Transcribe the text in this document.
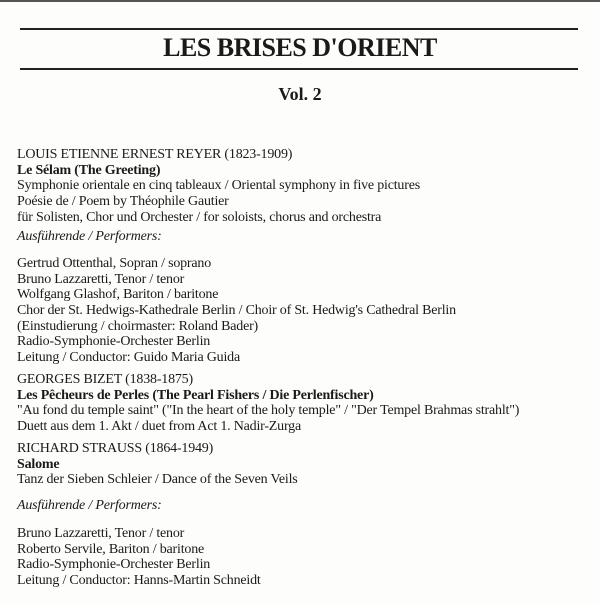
LES BRISES D'ORIENT
Vol. 2
LOUIS ETIENNE ERNEST REYER (1823-1909)
Le Sélam (The Greeting)
Symphonie orientale en cinq tableaux / Oriental symphony in five pictures
Poésie de / Poem by Théophile Gautier
für Solisten, Chor und Orchester / for soloists, chorus and orchestra
Ausführende / Performers:
Gertrud Ottenthal, Sopran / soprano
Bruno Lazzaretti, Tenor / tenor
Wolfgang Glashof, Bariton / baritone
Chor der St. Hedwigs-Kathedrale Berlin / Choir of St. Hedwig's Cathedral Berlin
(Einstudierung / choirmaster: Roland Bader)
Radio-Symphonie-Orchester Berlin
Leitung / Conductor: Guido Maria Guida
GEORGES BIZET (1838-1875)
Les Pêcheurs de Perles (The Pearl Fishers / Die Perlenfischer)
"Au fond du temple saint" ("In the heart of the holy temple" / "Der Tempel Brahmas strahlt")
Duett aus dem 1. Akt / duet from Act 1. Nadir-Zurga
RICHARD STRAUSS (1864-1949)
Salome
Tanz der Sieben Schleier / Dance of the Seven Veils
Ausführende / Performers:
Bruno Lazzaretti, Tenor / tenor
Roberto Servile, Bariton / baritone
Radio-Symphonie-Orchester Berlin
Leitung / Conductor: Hanns-Martin Schneidt
